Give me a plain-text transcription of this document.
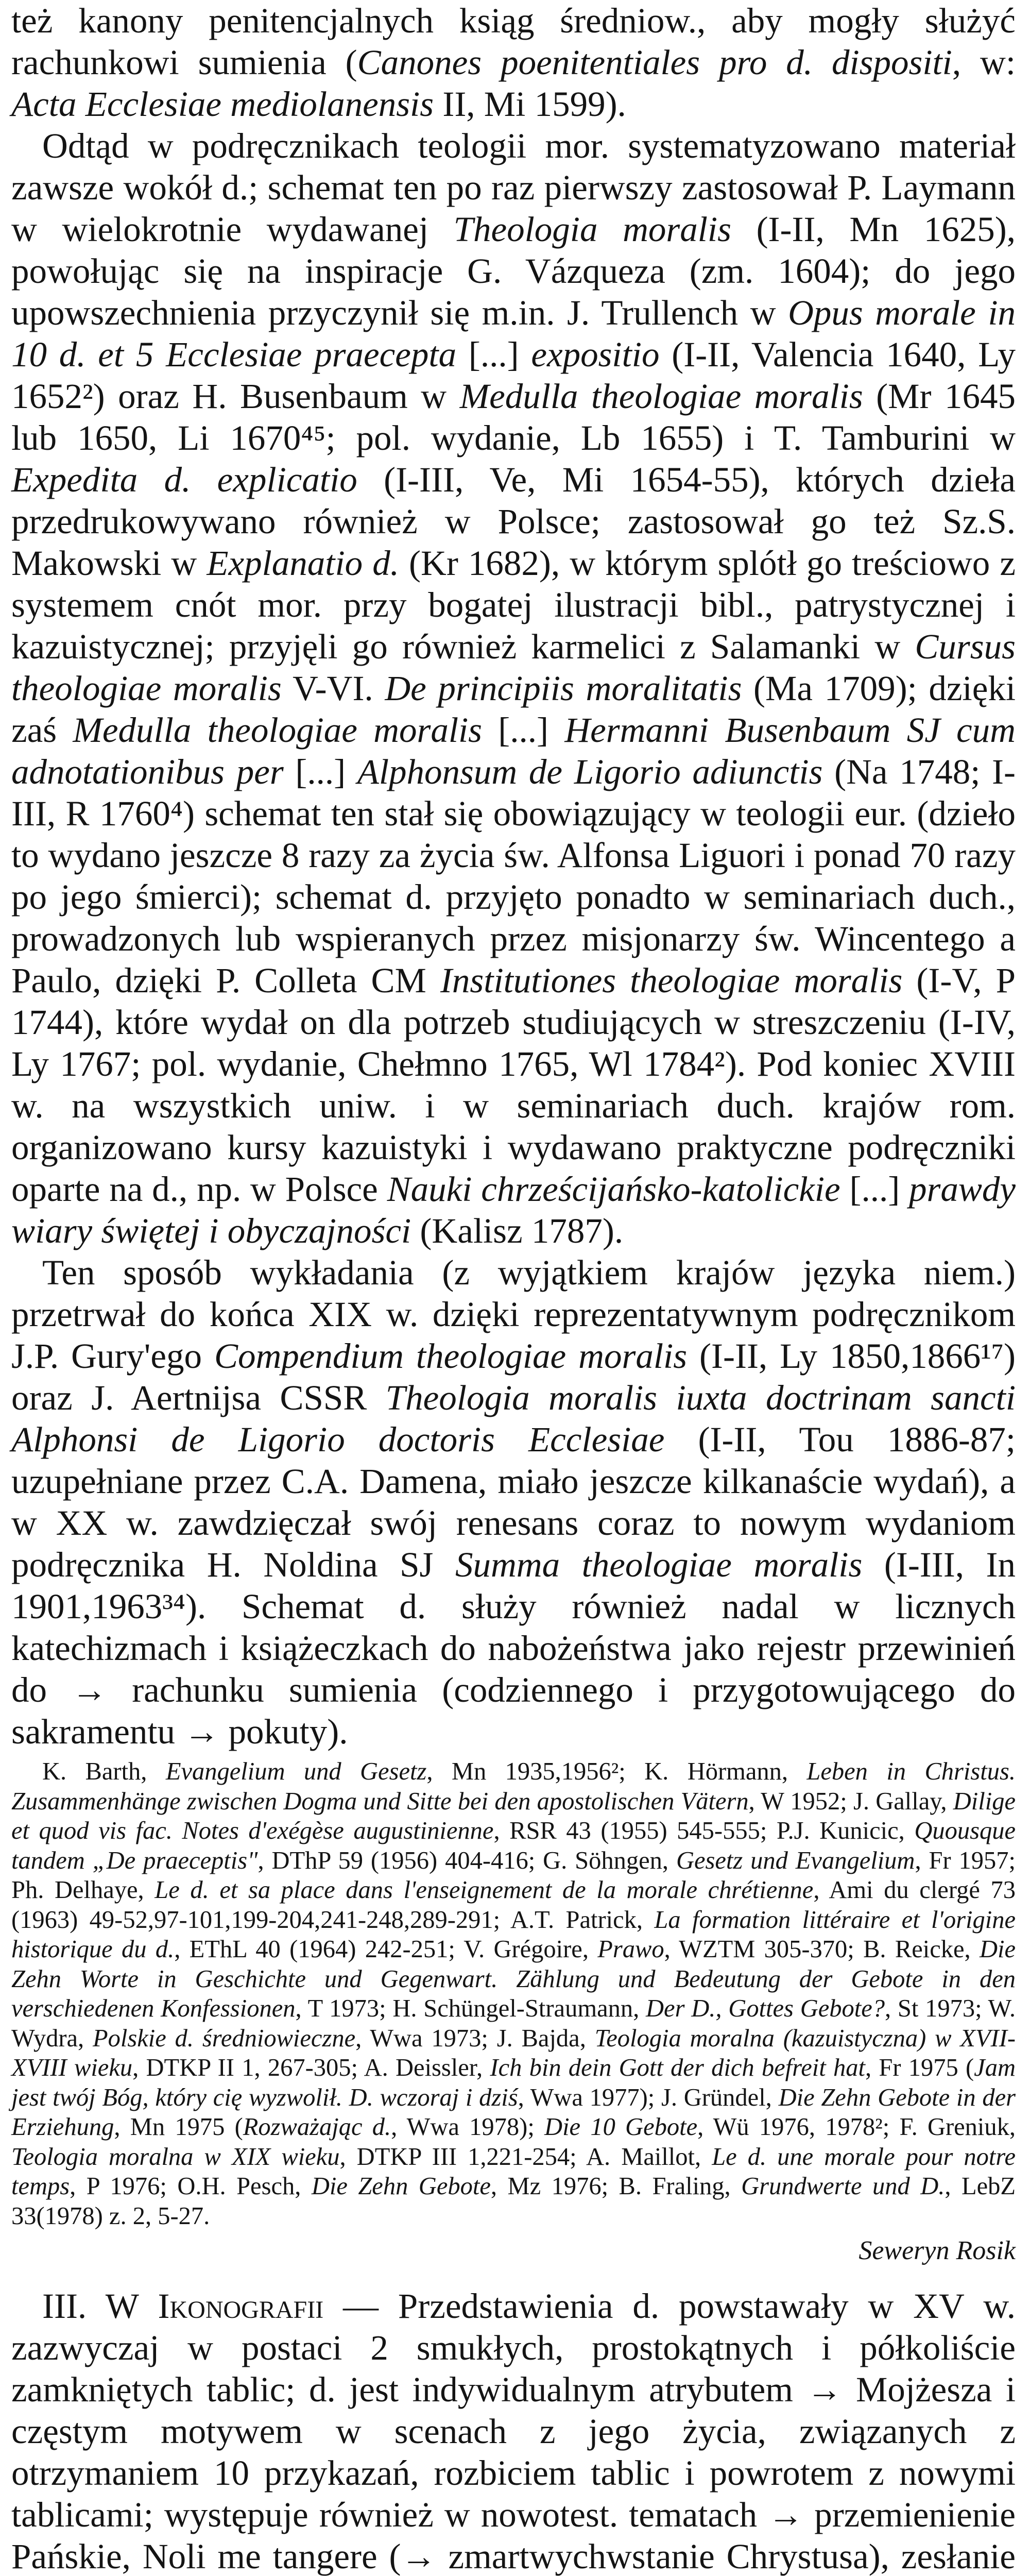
też kanony penitencjalnych ksiąg średniow., aby mogły służyć rachunkowi sumienia (Canones poenitentiales pro d. dispositi, w: Acta Ecclesiae mediolanensis II, Mi 1599).

Odtąd w podręcznikach teologii mor. systematyzowano materiał zawsze wokół d.; schemat ten po raz pierwszy zastosował P. Laymann w wielokrotnie wydawanej Theologia moralis (I-II, Mn 1625), powołując się na inspiracje G. Vázqueza (zm. 1604); do jego upowszechnienia przyczynił się m.in. J. Trullench w Opus morale in 10 d. et 5 Ecclesiae praecepta [...] expositio (I-II, Valencia 1640, Ly 1652²) oraz H. Busenbaum w Medulla theologiae moralis (Mr 1645 lub 1650, Li 1670⁴⁵; pol. wydanie, Lb 1655) i T. Tamburini w Expedita d. explicatio (I-III, Ve, Mi 1654-55), których dzieła przedrukowywano również w Polsce; zastosował go też Sz.S. Makowski w Explanatio d. (Kr 1682), w którym splótł go treściowo z systemem cnót mor. przy bogatej ilustracji bibl., patrystycznej i kazuistycznej; przyjęli go również karmelici z Salamanki w Cursus theologiae moralis V-VI. De principiis moralitatis (Ma 1709); dzięki zaś Medulla theologiae moralis [...] Hermanni Busenbaum SJ cum adnotationibus per [...] Alphonsum de Ligorio adiunctis (Na 1748; I-III, R 1760⁴) schemat ten stał się obowiązujący w teologii eur. (dzieło to wydano jeszcze 8 razy za życia św. Alfonsa Liguori i ponad 70 razy po jego śmierci); schemat d. przyjęto ponadto w seminariach duch., prowadzonych lub wspieranych przez misjonarzy św. Wincentego a Paulo, dzięki P. Colleta CM Institutiones theologiae moralis (I-V, P 1744), które wydał on dla potrzeb studiujących w streszczeniu (I-IV, Ly 1767; pol. wydanie, Chełmno 1765, Wl 1784²). Pod koniec XVIII w. na wszystkich uniw. i w seminariach duch. krajów rom. organizowano kursy kazuistyki i wydawano praktyczne podręczniki oparte na d., np. w Polsce Nauki chrześcijańsko-katolickie [...] prawdy wiary świętej i obyczajności (Kalisz 1787).

Ten sposób wykładania (z wyjątkiem krajów języka niem.) przetrwał do końca XIX w. dzięki reprezentatywnym podręcznikom J.P. Gury'ego Compendium theologiae moralis (I-II, Ly 1850,1866¹⁷) oraz J. Aertnijsa CSSR Theologia moralis iuxta doctrinam sancti Alphonsi de Ligorio doctoris Ecclesiae (I-II, Tou 1886-87; uzupełniane przez C.A. Damena, miało jeszcze kilkanaście wydań), a w XX w. zawdzięczał swój renesans coraz to nowym wydaniom podręcznika H. Noldina SJ Summa theologiae moralis (I-III, In 1901,1963³⁴). Schemat d. służy również nadal w licznych katechizmach i książeczkach do nabożeństwa jako rejestr przewinień do → rachunku sumienia (codziennego i przygotowującego do sakramentu → pokuty).

K. Barth, Evangelium und Gesetz, Mn 1935,1956²; K. Hörmann, Leben in Christus. Zusammenhänge zwischen Dogma und Sitte bei den apostolischen Vätern, W 1952; J. Gallay, Dilige et quod vis fac. Notes d'exégèse augustinienne, RSR 43 (1955) 545-555; P.J. Kunicic, Quousque tandem „De praeceptis", DThP 59 (1956) 404-416; G. Söhngen, Gesetz und Evangelium, Fr 1957; Ph. Delhaye, Le d. et sa place dans l'enseignement de la morale chrétienne, Ami du clergé 73 (1963) 49-52,97-101,199-204,241-248,289-291; A.T. Patrick, La formation littéraire et l'origine historique du d., EThL 40 (1964) 242-251; V. Grégoire, Prawo, WZTM 305-370; B. Reicke, Die Zehn Worte in Geschichte und Gegenwart. Zählung und Bedeutung der Gebote in den verschiedenen Konfessionen, T 1973; H. Schüngel-Straumann, Der D., Gottes Gebote?, St 1973; W. Wydra, Polskie d. średniowieczne, Wwa 1973; J. Bajda, Teologia moralna (kazuistyczna) w XVII-XVIII wieku, DTKP II 1, 267-305; A. Deissler, Ich bin dein Gott der dich befreit hat, Fr 1975 (Jam jest twój Bóg, który cię wyzwolił. D. wczoraj i dziś, Wwa 1977); J. Gründel, Die Zehn Gebote in der Erziehung, Mn 1975 (Rozważając d., Wwa 1978); Die 10 Gebote, Wü 1976, 1978²; F. Greniuk, Teologia moralna w XIX wieku, DTKP III 1,221-254; A. Maillot, Le d. une morale pour notre temps, P 1976; O.H. Pesch, Die Zehn Gebote, Mz 1976; B. Fraling, Grundwerte und D., LebZ 33(1978) z. 2, 5-27.

Seweryn Rosik

III. W Ikonografii — Przedstawienia d. powstawały w XV w. zazwyczaj w postaci 2 smukłych, prostokątnych i półkoliście zamkniętych tablic; d. jest indywidualnym atrybutem → Mojżesza i częstym motywem w scenach z jego życia, związanych z otrzymaniem 10 przykazań, rozbiciem tablic i powrotem z nowymi tablicami; występuje również w nowotest. tematach → przemienienie Pańskie, Noli me tangere (→ zmartwychwstanie Chrystusa), zesłanie
